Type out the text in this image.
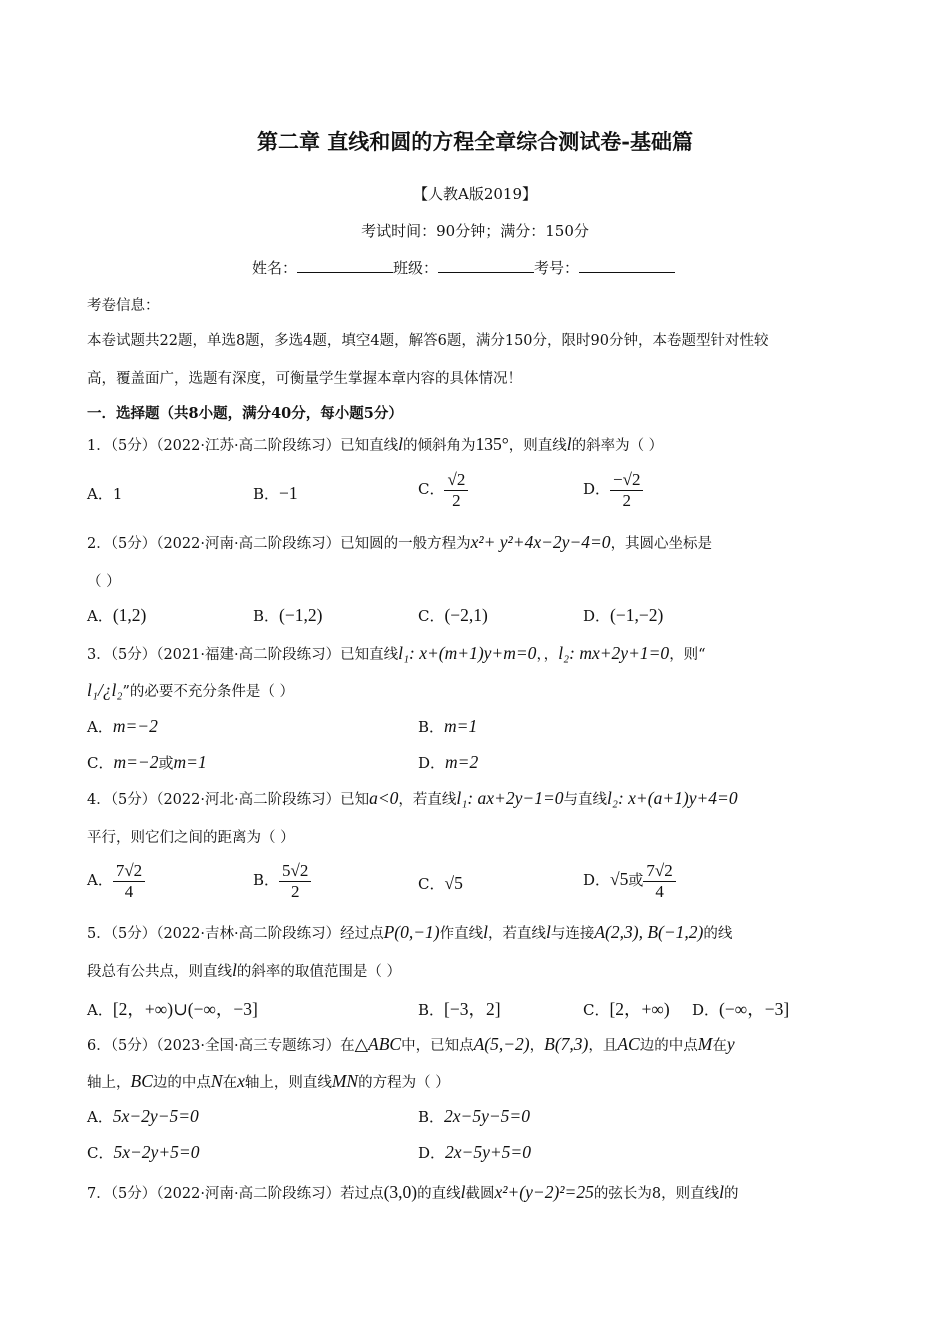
第二章 直线和圆的方程全章综合测试卷-基础篇
【人教A版2019】
考试时间：90分钟；满分：150分
姓名：	班级：	考号：
考卷信息：
本卷试题共22题，单选8题，多选4题，填空4题，解答6题，满分150分，限时90分钟，本卷题型针对性较
高，覆盖面广，选题有深度，可衡量学生掌握本章内容的具体情况！
一．选择题（共8小题，满分40分，每小题5分）
1．（5分）（2022·江苏·高二阶段练习）已知直线l的倾斜角为135°，则直线l的斜率为（ ）
A．1	B．−1	C． $\frac{√2}{2}$	D． $\frac{-√2}{2}$
2．（5分）（2022·河南·高二阶段练习）已知圆的一般方程为x²+ y²+4x−2y−4=0，其圆心坐标是
（ ）
A．(1,2)	B．(−1,2)	C．(−2,1)	D．(−1,−2)
3．（5分）（2021·福建·高二阶段练习）已知直线l₁: x+(m+1)y+m=0，，l₂: mx+2y+1=0，则“
l₁/¿l₂”的必要不充分条件是（ ）
A．m=−2	B．m=1
C．m=−2或m=1	D．m=2
4．（5分）（2022·河北·高二阶段练习）已知a<0，若直线l₁: ax+2y−1=0与直线l₂: x+(a+1)y+4=0
平行，则它们之间的距离为（ ）
A． $\frac{7√2}{4}$	B． $\frac{5√2}{2}$	C．√5	D．√5或 $\frac{7√2}{4}$
5．（5分）（2022·吉林·高二阶段练习）经过点P(0,−1)作直线l，若直线l与连接A(2,3), B(−1,2)的线
段总有公共点，则直线l的斜率的取值范围是（ ）
A．[2，+∞)∪(−∞，−3]	B．[−3，2]	C．[2，+∞) D．(−∞，−3]
6．（5分）（2023·全国·高三专题练习）在△ABC中，已知点A(5,−2)，B(7,3)，且AC边的中点M在y
轴上，BC边的中点N在x轴上，则直线MN的方程为（ ）
A．5x−2y−5=0	B．2x−5y−5=0
C．5x−2y+5=0	D．2x−5y+5=0
7．（5分）（2022·河南·高二阶段练习）若过点(3,0)的直线l截圆x²+(y−2)²=25的弦长为8，则直线l的
